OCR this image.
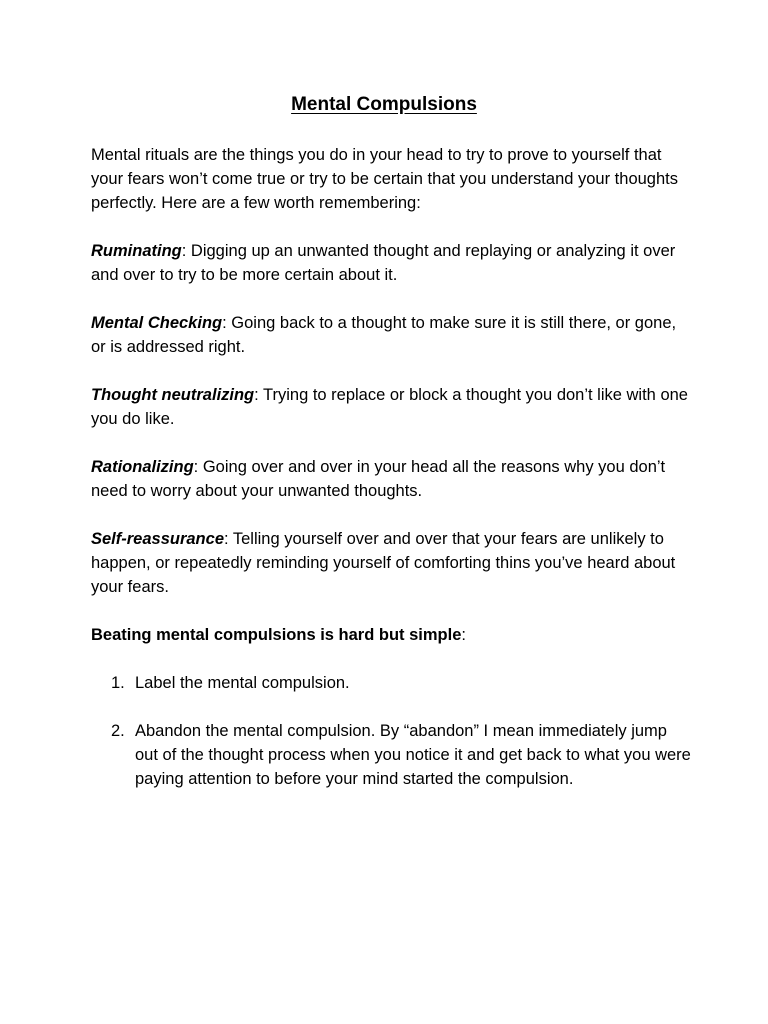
Mental Compulsions

Mental rituals are the things you do in your head to try to prove to yourself that your fears won’t come true or try to be certain that you understand your thoughts perfectly. Here are a few worth remembering:

Ruminating: Digging up an unwanted thought and replaying or analyzing it over and over to try to be more certain about it.

Mental Checking: Going back to a thought to make sure it is still there, or gone, or is addressed right.

Thought neutralizing: Trying to replace or block a thought you don’t like with one you do like.

Rationalizing: Going over and over in your head all the reasons why you don’t need to worry about your unwanted thoughts.

Self-reassurance: Telling yourself over and over that your fears are unlikely to happen, or repeatedly reminding yourself of comforting thins you’ve heard about your fears.

Beating mental compulsions is hard but simple:

1. Label the mental compulsion.
2. Abandon the mental compulsion. By “abandon” I mean immediately jump out of the thought process when you notice it and get back to what you were paying attention to before your mind started the compulsion.
